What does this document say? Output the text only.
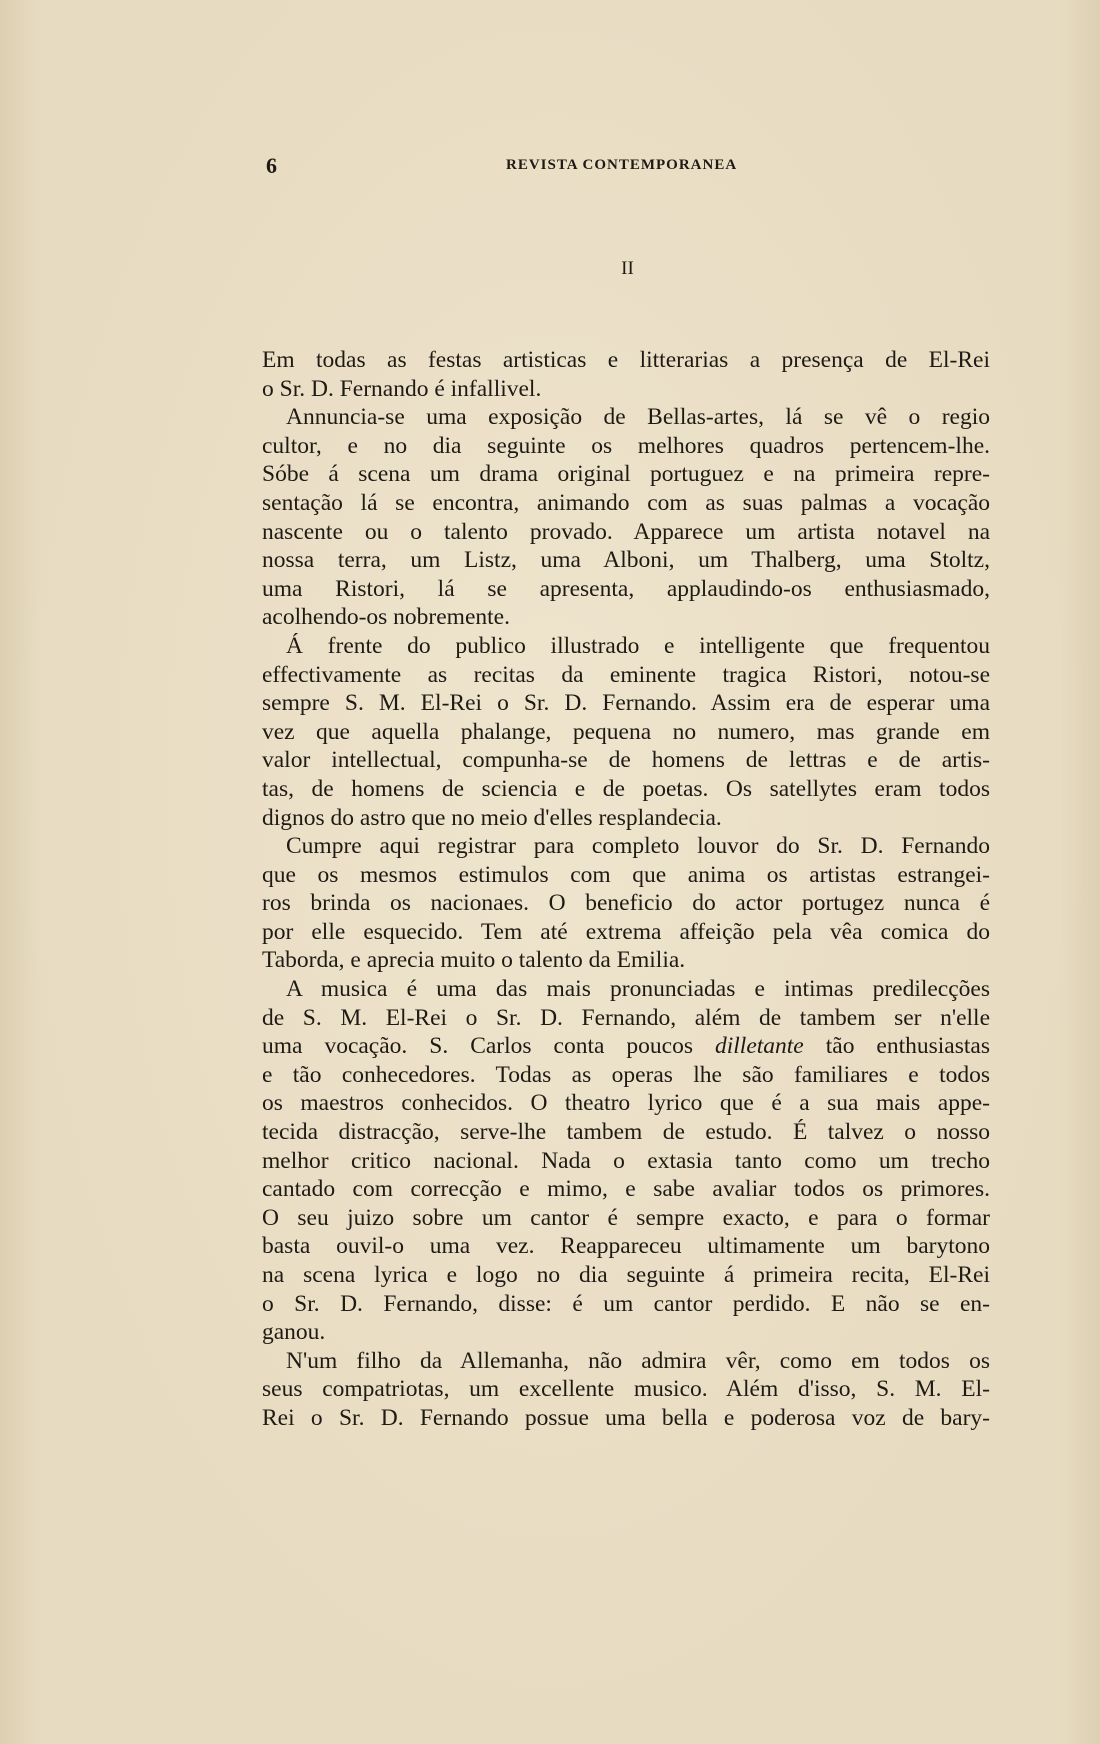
6	REVISTA CONTEMPORANEA
II
Em todas as festas artisticas e litterarias a presença de El-Rei
o Sr. D. Fernando é infallivel.
Annuncia-se uma exposição de Bellas-artes, lá se vê o regio
cultor, e no dia seguinte os melhores quadros pertencem-lhe.
Sóbe á scena um drama original portuguez e na primeira repre-
sentação lá se encontra, animando com as suas palmas a vocação
nascente ou o talento provado. Apparece um artista notavel na
nossa terra, um Listz, uma Alboni, um Thalberg, uma Stoltz,
uma Ristori, lá se apresenta, applaudindo-os enthusiasmado,
acolhendo-os nobremente.
Á frente do publico illustrado e intelligente que frequentou
effectivamente as recitas da eminente tragica Ristori, notou-se
sempre S. M. El-Rei o Sr. D. Fernando. Assim era de esperar uma
vez que aquella phalange, pequena no numero, mas grande em
valor intellectual, compunha-se de homens de lettras e de artis-
tas, de homens de sciencia e de poetas. Os satellytes eram todos
dignos do astro que no meio d'elles resplandecia.
Cumpre aqui registrar para completo louvor do Sr. D. Fernando
que os mesmos estimulos com que anima os artistas estrangei-
ros brinda os nacionaes. O beneficio do actor portugez nunca é
por elle esquecido. Tem até extrema affeição pela vêa comica do
Taborda, e aprecia muito o talento da Emilia.
A musica é uma das mais pronunciadas e intimas predilecções
de S. M. El-Rei o Sr. D. Fernando, além de tambem ser n'elle
uma vocação. S. Carlos conta poucos dilletante tão enthusiastas
e tão conhecedores. Todas as operas lhe são familiares e todos
os maestros conhecidos. O theatro lyrico que é a sua mais appe-
tecida distracção, serve-lhe tambem de estudo. É talvez o nosso
melhor critico nacional. Nada o extasia tanto como um trecho
cantado com correcção e mimo, e sabe avaliar todos os primores.
O seu juizo sobre um cantor é sempre exacto, e para o formar
basta ouvil-o uma vez. Reappareceu ultimamente um barytono
na scena lyrica e logo no dia seguinte á primeira recita, El-Rei
o Sr. D. Fernando, disse: é um cantor perdido. E não se en-
ganou.
N'um filho da Allemanha, não admira vêr, como em todos os
seus compatriotas, um excellente musico. Além d'isso, S. M. El-
Rei o Sr. D. Fernando possue uma bella e poderosa voz de bary-
